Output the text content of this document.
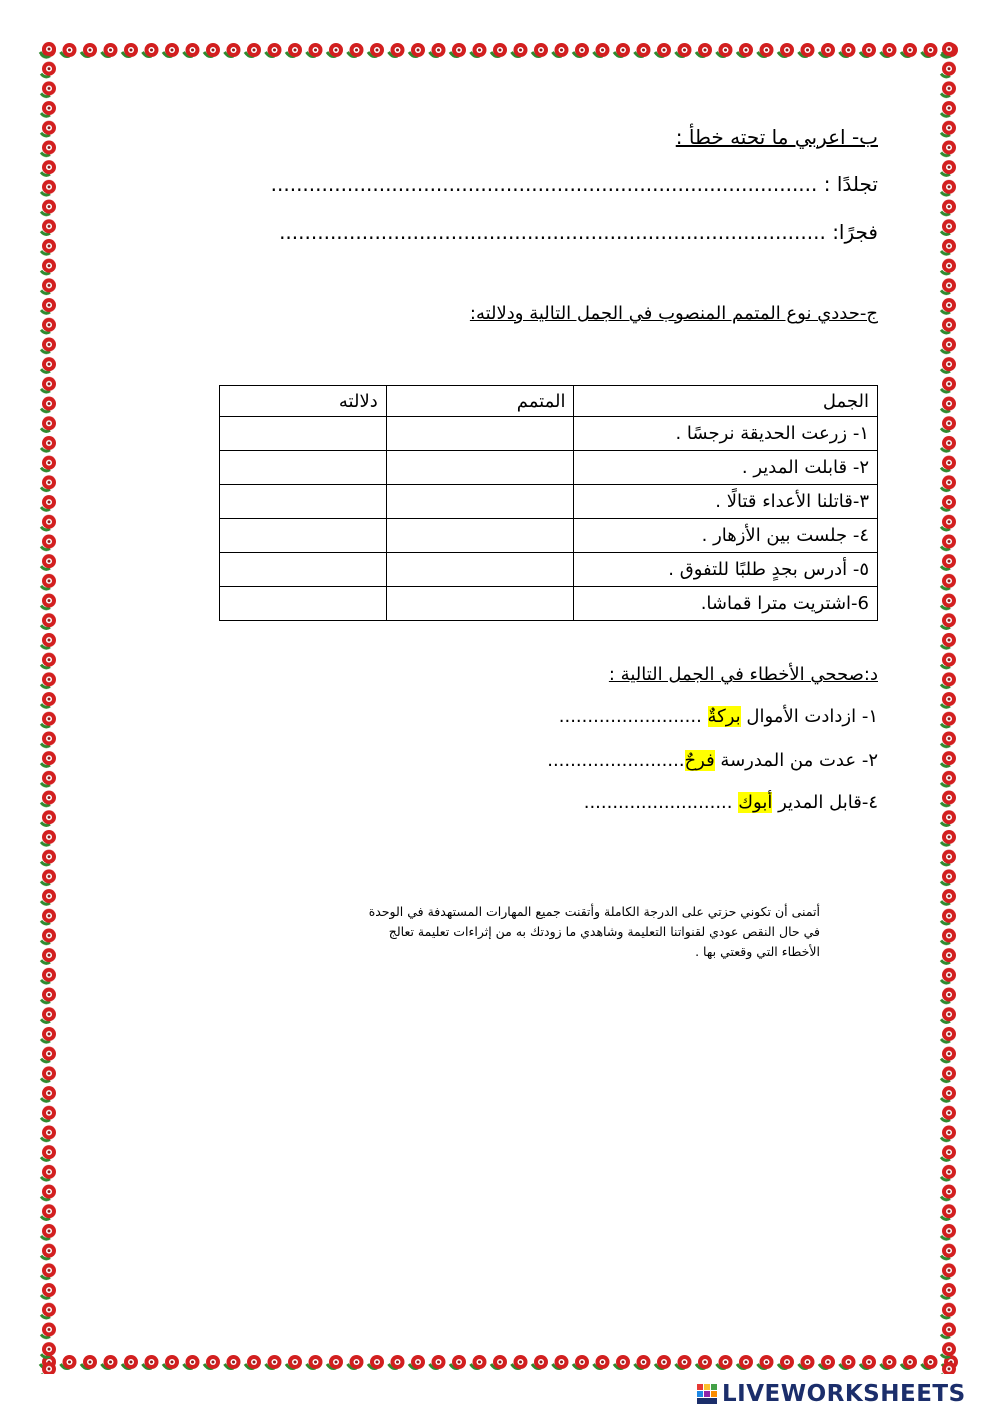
ب- اعربي ما تحته خطأ :
تجلدًا : ......................................................................................
فجرًا: ......................................................................................
ج-حددي نوع المتمم المنصوب في الجمل التالية ودلالته:
الجمل	المتمم	دلالته
١- زرعت الحديقة نرجسًا .		
٢- قابلت المدير .		
٣-قاتلنا الأعداء قتالًا .		
٤- جلست بين الأزهار .		
٥- أدرس بجدٍ طلبًا للتفوق .		
6-اشتريت مترا قماشا.		
د:صححي الأخطاء في الجمل التالية :
١- ازدادت الأموال بركةٌ .........................
٢- عدت من المدرسة فرحٌ........................
٤-قابل المدير أبوك ..........................
أتمنى أن تكوني حزتي على الدرجة الكاملة وأتقنت جميع المهارات المستهدفة في الوحدة
في حال النقص عودي لقنواتنا التعليمة وشاهدي ما زودتك به من إثراءات تعليمة تعالج
الأخطاء التي وقعتي بها .
LIVEWORKSHEETS
